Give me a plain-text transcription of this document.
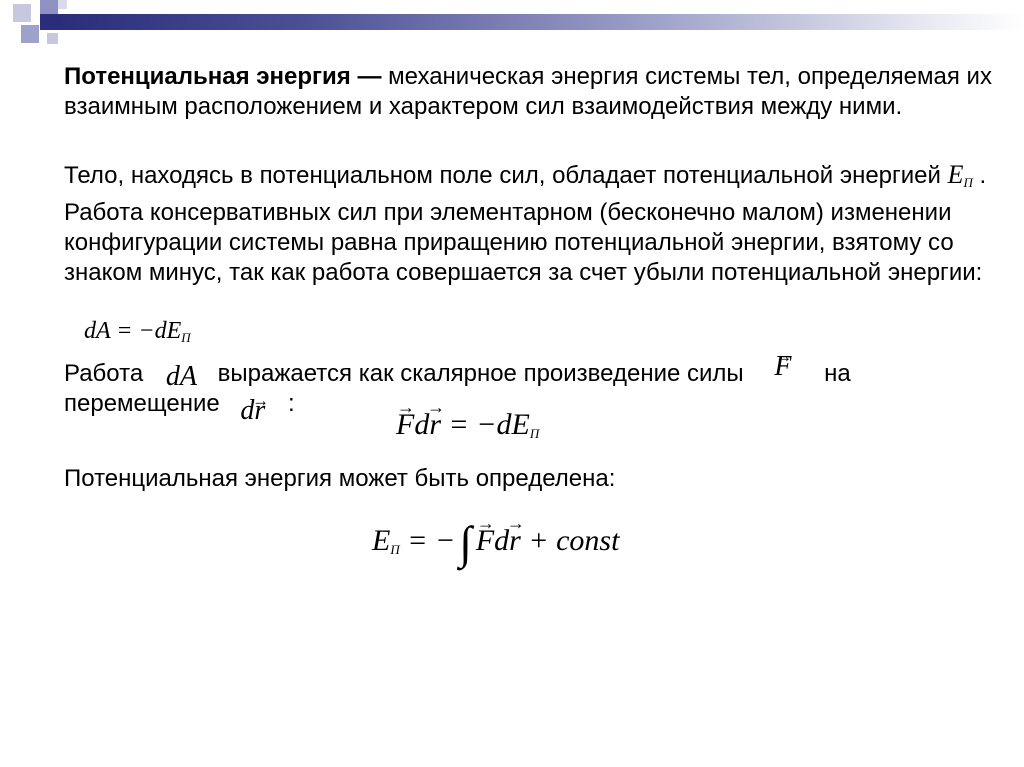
Потенциальная энергия — механическая энергия системы тел, определяемая их взаимным расположением и характером сил взаимодействия между ними.

Тело, находясь в потенциальном поле сил, обладает потенциальной энергией $E_П$ . Работа консервативных сил при элементарном (бесконечно малом) изменении конфигурации системы равна приращению потенциальной энергии, взятому со знаком минус, так как работа совершается за счет убыли потенциальной энергии:

dA = $-dE_П$
Работа dA выражается как скалярное произведение силы → F на
перемещение d→ r :
→ $Fd\to r = -dE_П$

Потенциальная энергия может быть определена:

$E_П$ = −∫ → Fd→ r + const
